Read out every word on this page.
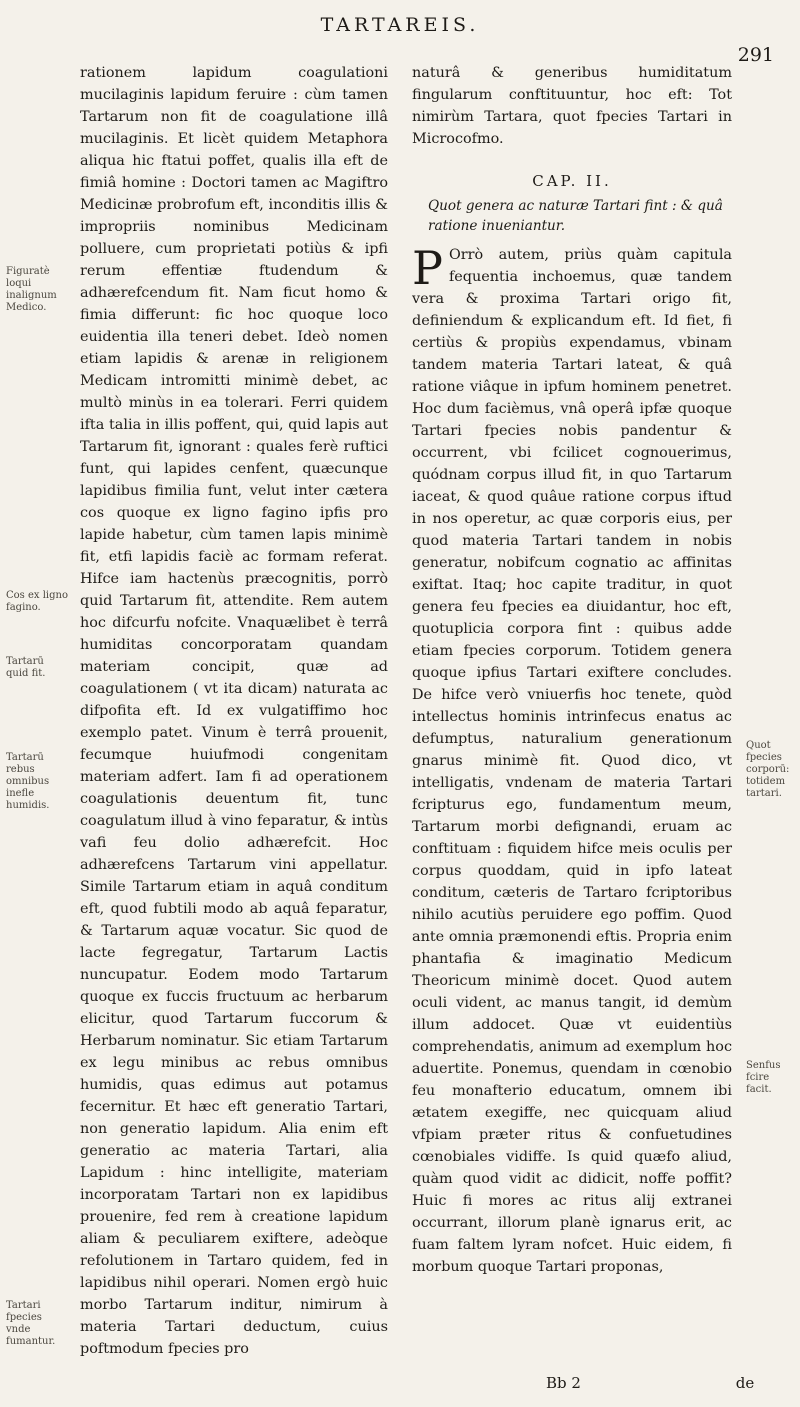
TARTAREIS.
291
Figuratè loqui inalignum Medico.
Cos ex ligno fagino.
Tartarū quid fit.
Tartarū rebus omnibus inefle humidis.
Tartari fpecies vnde fumantur.
Quot fpecies corporū: totidem tartari.
Senfus fcire facit.

rationem lapidum coagulationi mucilaginis lapidum feruire : cùm tamen Tartarum non fit de coagulatione illâ mucilaginis. Et licèt quidem Metaphora aliqua hic ftatui poffet, qualis illa eft de fimiâ homine : Doctori tamen ac Magiftro Medicinæ probrofum eft, inconditis illis & impropriis nominibus Medicinam polluere, cum proprietati potiùs & ipfi rerum effentiæ ftudendum & adhærefcendum fit. Nam ficut homo & fimia differunt: fic hoc quoque loco euidentia illa teneri debet. Ideò nomen etiam lapidis & arenæ in religionem Medicam intromitti minimè debet, ac multò minùs in ea tolerari. Ferri quidem ifta talia in illis poffent, qui, quid lapis aut Tartarum fit, ignorant : quales ferè ruftici funt, qui lapides cenfent, quæcunque lapidibus fimilia funt, velut inter cætera cos quoque ex ligno fagino ipfis pro lapide habetur, cùm tamen lapis minimè fit, etfi lapidis faciè ac formam referat. Hifce iam hactenùs præcognitis, porrò quid Tartarum fit, attendite. Rem autem hoc difcurfu nofcite. Vnaquælibet è terrâ humiditas concorporatam quandam materiam concipit, quæ ad coagulationem ( vt ita dicam) naturata ac difpofita eft. Id ex vulgatiffimo hoc exemplo patet. Vinum è terrâ prouenit, fecumque huiufmodi congenitam materiam adfert. Iam fi ad operationem coagulationis deuentum fit, tunc coagulatum illud à vino feparatur, & intùs vafi feu dolio adhærefcit. Hoc adhærefcens Tartarum vini appellatur. Simile Tartarum etiam in aquâ conditum eft, quod fubtili modo ab aquâ feparatur, & Tartarum aquæ vocatur. Sic quod de lacte fegregatur, Tartarum Lactis nuncupatur. Eodem modo Tartarum quoque ex fuccis fructuum ac herbarum elicitur, quod Tartarum fuccorum & Herbarum nominatur. Sic etiam Tartarum ex legu minibus ac rebus omnibus humidis, quas edimus aut potamus fecernitur. Et hæc eft generatio Tartari, non generatio lapidum. Alia enim eft generatio ac materia Tartari, alia Lapidum : hinc intelligite, materiam incorporatam Tartari non ex lapidibus prouenire, fed rem à creatione lapidum aliam & peculiarem exiftere, adeòque refolutionem in Tartaro quidem, fed in lapidibus nihil operari. Nomen ergò huic morbo Tartarum inditur, nimirum à materia Tartari deductum, cuius poftmodum fpecies pro

naturâ & generibus humiditatum fingularum conftituuntur, hoc eft: Tot nimirùm Tartara, quot fpecies Tartari in Microcofmo.

CAP. II.
Quot genera ac naturæ Tartari fint : & quâ ratione inueniantur.

P Orrò autem, priùs quàm capitula fequentia inchoemus, quæ tandem vera & proxima Tartari origo fit, definiendum & explicandum eft. Id fiet, fi certiùs & propiùs expendamus, vbinam tandem materia Tartari lateat, & quâ ratione viâque in ipfum hominem penetret. Hoc dum facièmus, vnâ operâ ipfæ quoque Tartari fpecies nobis pandentur & occurrent, vbi fcilicet cognouerimus, quódnam corpus illud fit, in quo Tartarum iaceat, & quod quâue ratione corpus iftud in nos operetur, ac quæ corporis eius, per quod materia Tartari tandem in nobis generatur, nobifcum cognatio ac affinitas exiftat. Itaq; hoc capite traditur, in quot genera feu fpecies ea diuidantur, hoc eft, quotuplicia corpora fint : quibus adde etiam fpecies corporum. Totidem genera quoque ipfius Tartari exiftere concludes. De hifce verò vniuerfis hoc tenete, quòd intellectus hominis intrinfecus enatus ac defumptus, naturalium generationum gnarus minimè fit. Quod dico, vt intelligatis, vndenam de materia Tartari fcripturus ego, fundamentum meum, Tartarum morbi defignandi, eruam ac conftituam : fiquidem hifce meis oculis per corpus quoddam, quid in ipfo lateat conditum, cæteris de Tartaro fcriptoribus nihilo acutiùs peruidere ego poffim. Quod ante omnia præmonendi eftis. Propria enim phantafia & imaginatio Medicum Theoricum minimè docet. Quod autem oculi vident, ac manus tangit, id demùm illum addocet. Quæ vt euidentiùs comprehendatis, animum ad exemplum hoc aduertite. Ponemus, quendam in cœnobio feu monafterio educatum, omnem ibi ætatem exegiffe, nec quicquam aliud vfpiam præter ritus & confuetudines cœnobiales vidiffe. Is quid quæfo aliud, quàm quod vidit ac didicit, noffe poffit? Huic fi mores ac ritus alij extranei occurrant, illorum planè ignarus erit, ac fuam faltem lyram nofcet. Huic eidem, fi morbum quoque Tartari proponas,

Bb 2	de
